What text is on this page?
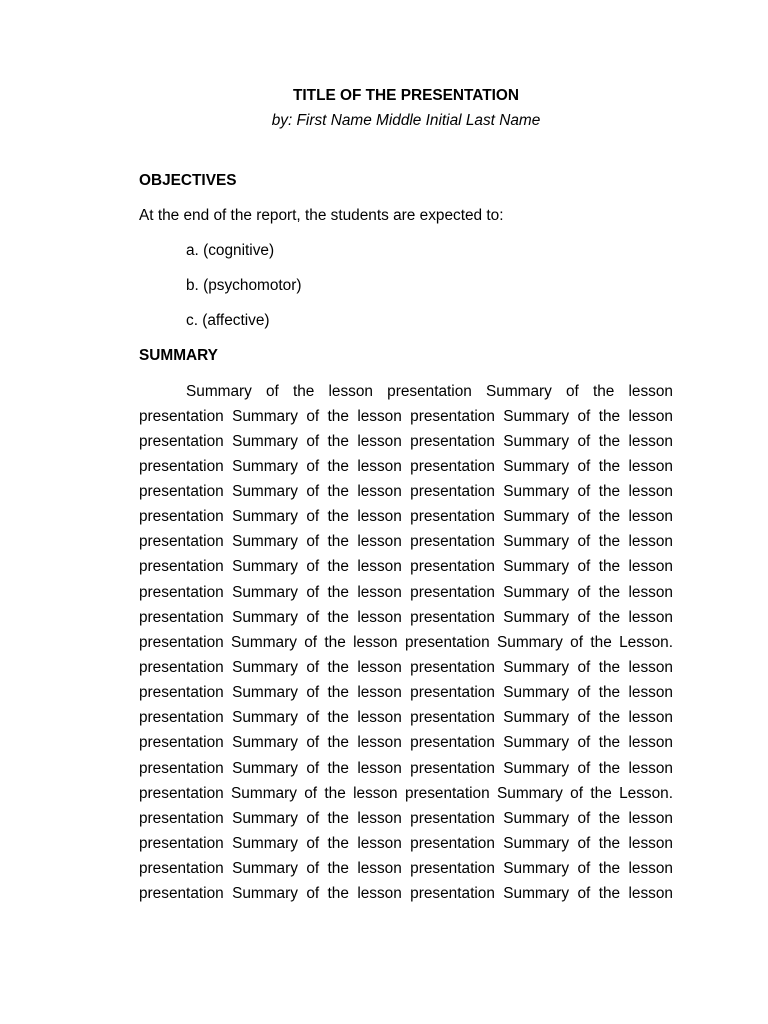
TITLE OF THE PRESENTATION
by: First Name Middle Initial Last Name
OBJECTIVES
At the end of the report, the students are expected to:
a. (cognitive)
b. (psychomotor)
c. (affective)
SUMMARY
Summary of the lesson presentation Summary of the lesson
presentation Summary of the lesson presentation Summary of the lesson
presentation Summary of the lesson presentation Summary of the lesson
presentation Summary of the lesson presentation Summary of the lesson
presentation Summary of the lesson presentation Summary of the lesson
presentation Summary of the lesson presentation Summary of the lesson
presentation Summary of the lesson presentation Summary of the lesson
presentation Summary of the lesson presentation Summary of the lesson
presentation Summary of the lesson presentation Summary of the lesson
presentation Summary of the lesson presentation Summary of the lesson
presentation Summary of the lesson presentation Summary of the Lesson.
presentation Summary of the lesson presentation Summary of the lesson
presentation Summary of the lesson presentation Summary of the lesson
presentation Summary of the lesson presentation Summary of the lesson
presentation Summary of the lesson presentation Summary of the lesson
presentation Summary of the lesson presentation Summary of the lesson
presentation Summary of the lesson presentation Summary of the Lesson.
presentation Summary of the lesson presentation Summary of the lesson
presentation Summary of the lesson presentation Summary of the lesson
presentation Summary of the lesson presentation Summary of the lesson
presentation Summary of the lesson presentation Summary of the lesson
